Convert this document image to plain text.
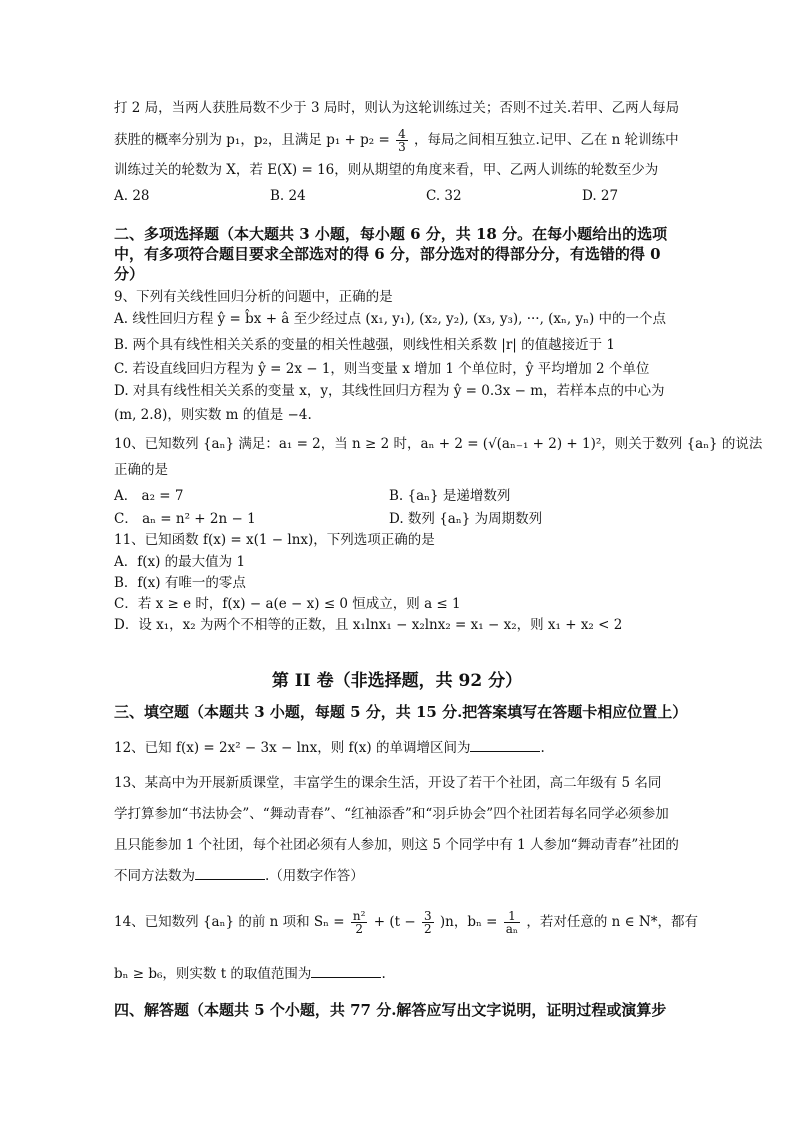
打 2 局，当两人获胜局数不少于 3 局时，则认为这轮训练过关；否则不过关.若甲、乙两人每局
获胜的概率分别为 p₁，p₂，且满足 $p_1 + p_2 = \frac{4}{3}$ ，每局之间相互独立.记甲、乙在 n 轮训练中
训练过关的轮数为 X，若 E(X) = 16，则从期望的角度来看，甲、乙两人训练的轮数至少为
A. 28	B. 24	C. 32	D. 27
二、多项选择题（本大题共 3 小题，每小题 6 分，共 18 分。在每小题给出的选项
中，有多项符合题目要求全部选对的得 6 分，部分选对的得部分分，有选错的得 0
分）
9、下列有关线性回归分析的问题中，正确的是
A. 线性回归方程 ŷ = b̂x + â 至少经过点 (x₁, y₁), (x₂, y₂), (x₃, y₃), ···, (xₙ, yₙ) 中的一个点
B. 两个具有线性相关关系的变量的相关性越强，则线性相关系数 |r| 的值越接近于 1
C. 若设直线回归方程为 ŷ = 2x − 1，则当变量 x 增加 1 个单位时，ŷ 平均增加 2 个单位
D. 对具有线性相关关系的变量 x，y，其线性回归方程为 ŷ = 0.3x − m，若样本点的中心为
(m, 2.8)，则实数 m 的值是 −4.
10、已知数列 {aₙ} 满足：a₁ = 2，当 n ≥ 2 时，aₙ + 2 = (√(aₙ₋₁ + 2) + 1)²，则关于数列 {aₙ} 的说法
正确的是
A． a₂ = 7	B. {aₙ} 是递增数列
C． aₙ = n² + 2n − 1	D. 数列 {aₙ} 为周期数列
11、已知函数 f(x) = x(1 − lnx)，下列选项正确的是
A．f(x) 的最大值为 1
B．f(x) 有唯一的零点
C．若 x ≥ e 时，f(x) − a(e − x) ≤ 0 恒成立，则 a ≤ 1
D．设 x₁，x₂ 为两个不相等的正数，且 x₁lnx₁ − x₂lnx₂ = x₁ − x₂，则 x₁ + x₂ < 2
第 II 卷（非选择题，共 92 分）
三、填空题（本题共 3 小题，每题 5 分，共 15 分.把答案填写在答题卡相应位置上）
12、已知 f(x) = 2x² − 3x − lnx，则 f(x) 的单调增区间为	.
13、某高中为开展新质课堂，丰富学生的课余生活，开设了若干个社团，高二年级有 5 名同
学打算参加“书法协会”、“舞动青春”、“红袖添香”和“羽乒协会”四个社团若每名同学必须参加
且只能参加 1 个社团，每个社团必须有人参加，则这 5 个同学中有 1 人参加“舞动青春”社团的
不同方法数为	.（用数字作答）
14、已知数列 {aₙ} 的前 n 项和 $S_n = \frac{\text{n²}}{2} + (t - \frac{3}{2} )n$，$b_n = \frac{1}{\text{aₙ}}$ ，若对任意的 n ∈ N*，都有
bₙ ≥ b₆，则实数 t 的取值范围为	.
四、解答题（本题共 5 个小题，共 77 分.解答应写出文字说明，证明过程或演算步
